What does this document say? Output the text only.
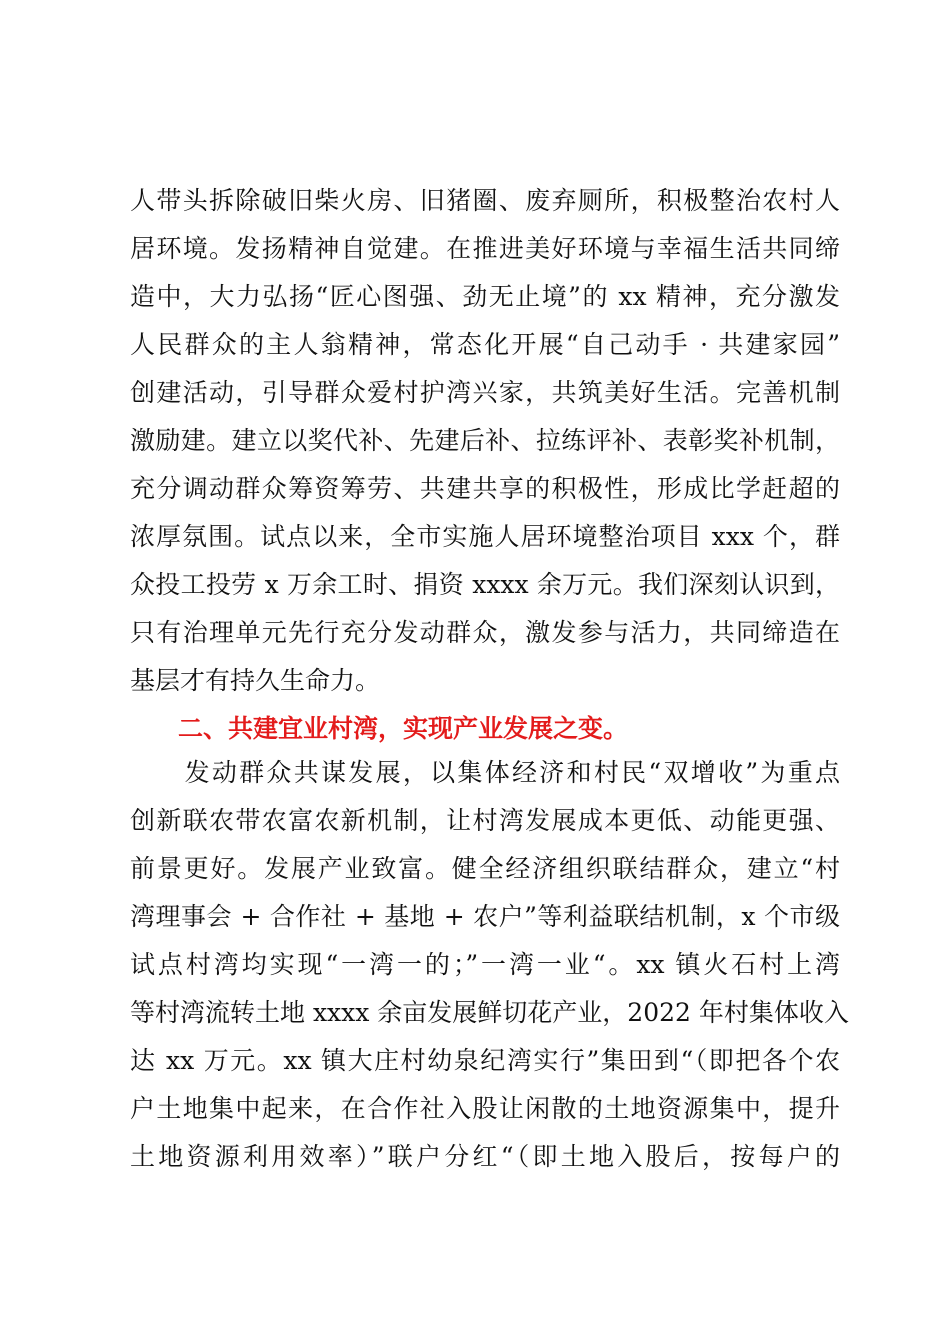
人带头拆除破旧柴火房、旧猪圈、废弃厕所，积极整治农村人
居环境。发扬精神自觉建。在推进美好环境与幸福生活共同缔
造中，大力弘扬“匠心图强、劲无止境”的 xx 精神，充分激发
人民群众的主人翁精神，常态化开展“自己动手 · 共建家园”
创建活动，引导群众爱村护湾兴家，共筑美好生活。完善机制
激励建。建立以奖代补、先建后补、拉练评补、表彰奖补机制，
充分调动群众筹资筹劳、共建共享的积极性，形成比学赶超的
浓厚氛围。试点以来，全市实施人居环境整治项目 xxx 个，群
众投工投劳 x 万余工时、捐资 xxxx 余万元。我们深刻认识到，
只有治理单元先行充分发动群众，激发参与活力，共同缔造在
基层才有持久生命力。
二、共建宜业村湾，实现产业发展之变。
　　发动群众共谋发展，以集体经济和村民“双增收”为重点
创新联农带农富农新机制，让村湾发展成本更低、动能更强、
前景更好。发展产业致富。健全经济组织联结群众，建立“村
湾理事会 + 合作社 + 基地 + 农户”等利益联结机制，x 个市级
试点村湾均实现“一湾一的；”一湾一业“。xx 镇火石村上湾
等村湾流转土地 xxxx 余亩发展鲜切花产业，2022 年村集体收入
达 xx 万元。xx 镇大庄村幼泉纪湾实行”集田到“（即把各个农
户土地集中起来，在合作社入股让闲散的土地资源集中，提升
土地资源利用效率）”联户分红“（即土地入股后，按每户的
